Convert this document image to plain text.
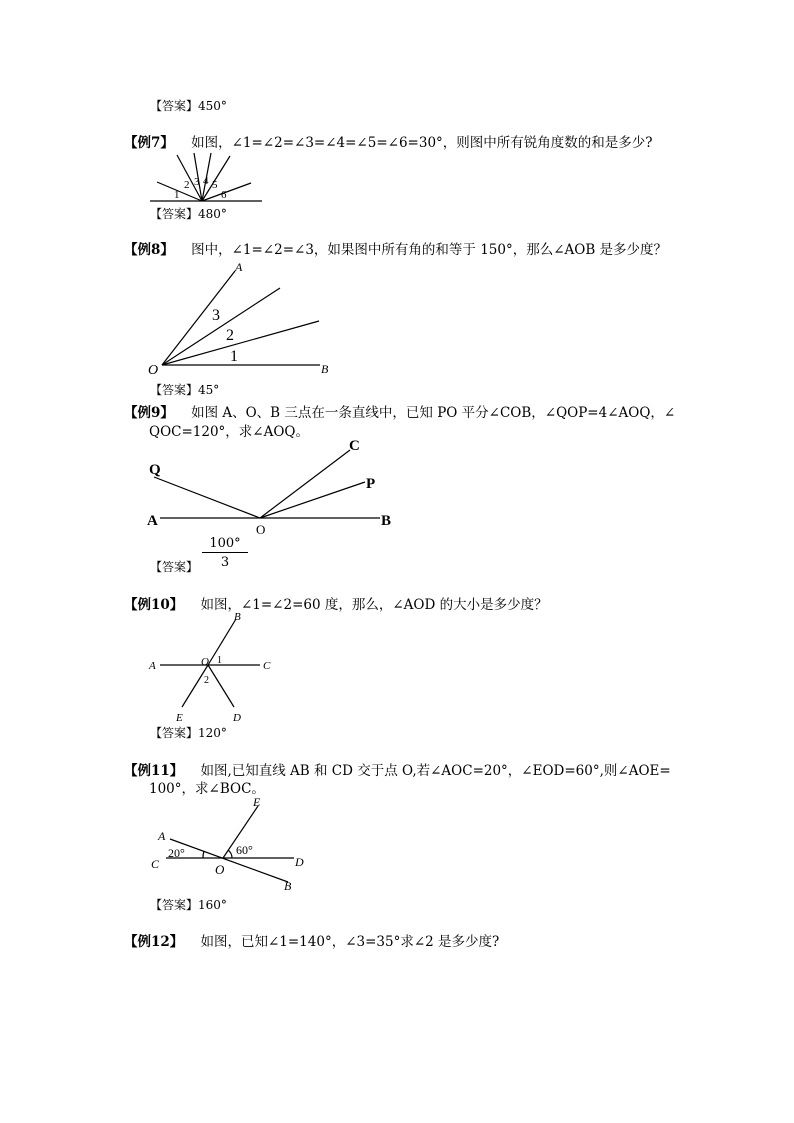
【答案】450°
【例7】 如图，∠1=∠2=∠3=∠4=∠5=∠6=30°，则图中所有锐角度数的和是多少?
1
2 3 4 5
6
【答案】480°
【例8】 图中，∠1=∠2=∠3，如果图中所有角的和等于 150°，那么∠AOB 是多少度？
A
O	B
3
2
1
【答案】45°
【例9】 如图 A、O、B 三点在一条直线中，已知 PO 平分∠COB，∠QOP=4∠AOQ，∠
QOC=120°，求∠AOQ。
Q
C
P
A
O
B
【答案】 $\frac{100^\circ}{3}$
【例10】 如图，∠1=∠2=60 度，那么，∠AOD 的大小是多少度？
B
A	O 1	C
2
E	D
【答案】120°
【例11】 如图,已知直线 AB 和 CD 交于点 O,若∠AOC=20°，∠EOD=60°,则∠AOE=
100°，求∠BOC。
E
A
60°
20°
C	D
O
B
【答案】160°
【例12】 如图，已知∠1=140°，∠3=35°求∠2 是多少度?
